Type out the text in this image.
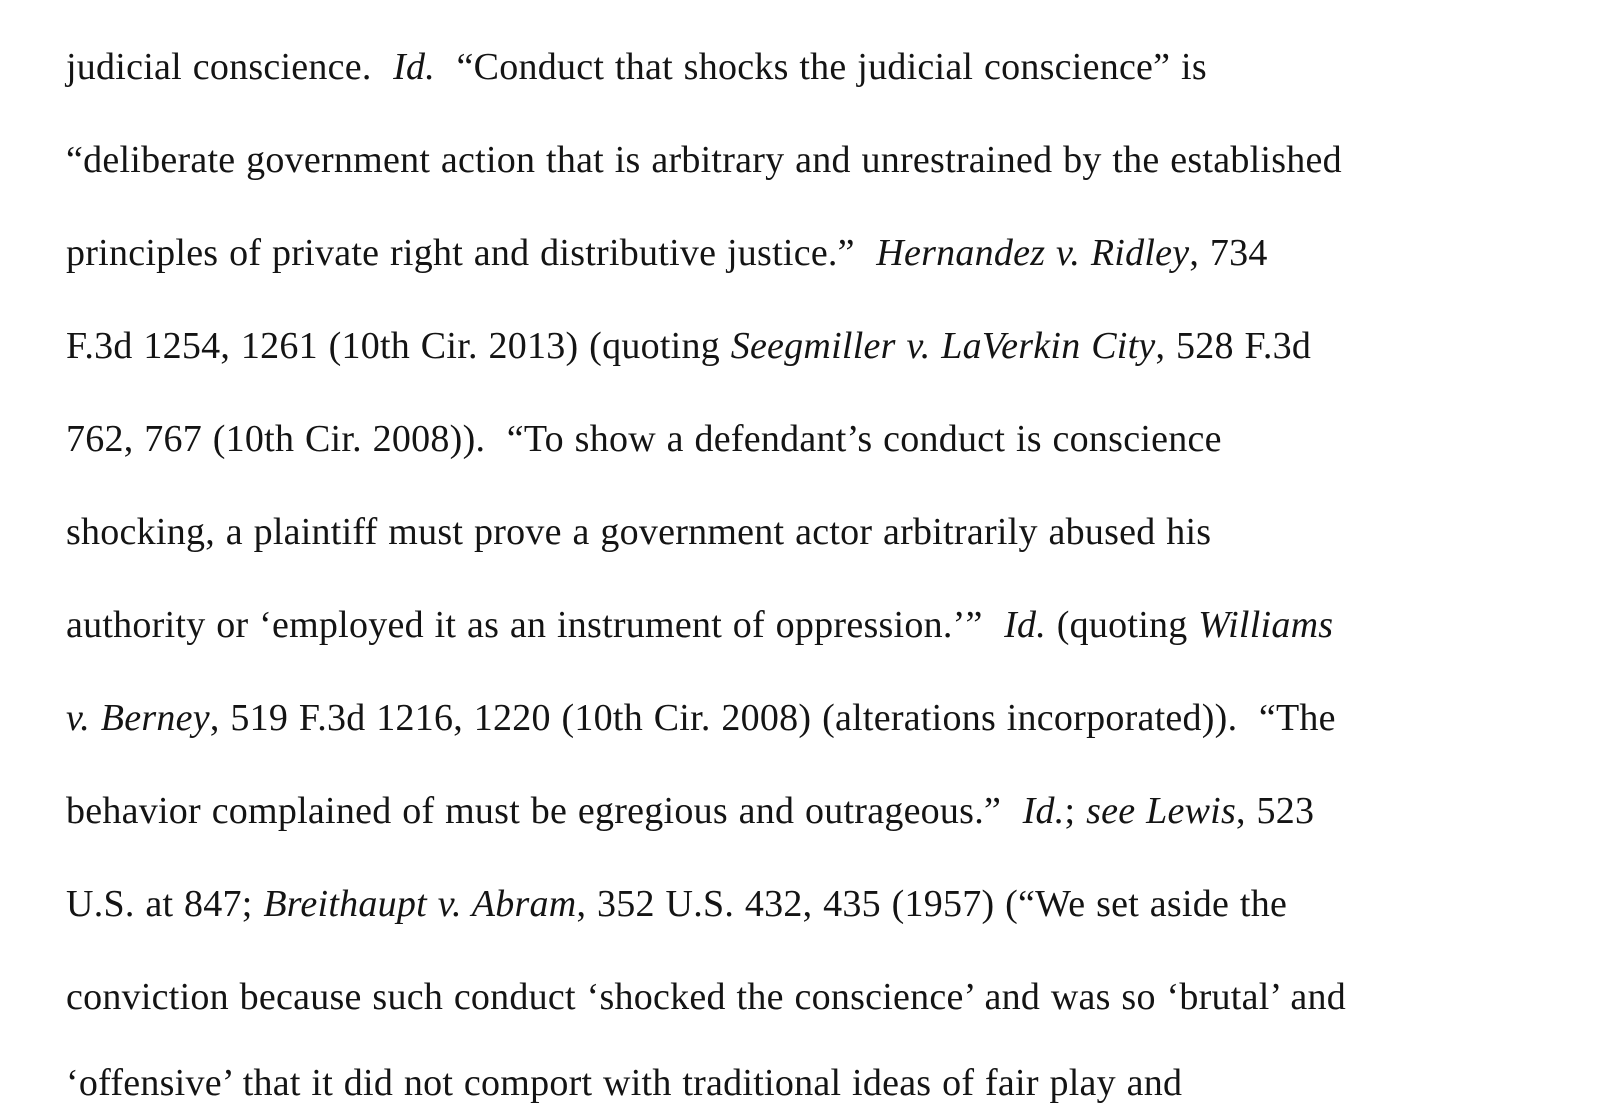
judicial conscience.  Id.  “Conduct that shocks the judicial conscience” is
“deliberate government action that is arbitrary and unrestrained by the established
principles of private right and distributive justice.”  Hernandez v. Ridley, 734
F.3d 1254, 1261 (10th Cir. 2013) (quoting Seegmiller v. LaVerkin City, 528 F.3d
762, 767 (10th Cir. 2008)).  “To show a defendant’s conduct is conscience
shocking, a plaintiff must prove a government actor arbitrarily abused his
authority or ‘employed it as an instrument of oppression.’”  Id. (quoting Williams
v. Berney, 519 F.3d 1216, 1220 (10th Cir. 2008) (alterations incorporated)).  “The
behavior complained of must be egregious and outrageous.”  Id.; see Lewis, 523
U.S. at 847; Breithaupt v. Abram, 352 U.S. 432, 435 (1957) (“We set aside the
conviction because such conduct ‘shocked the conscience’ and was so ‘brutal’ and
‘offensive’ that it did not comport with traditional ideas of fair play and
